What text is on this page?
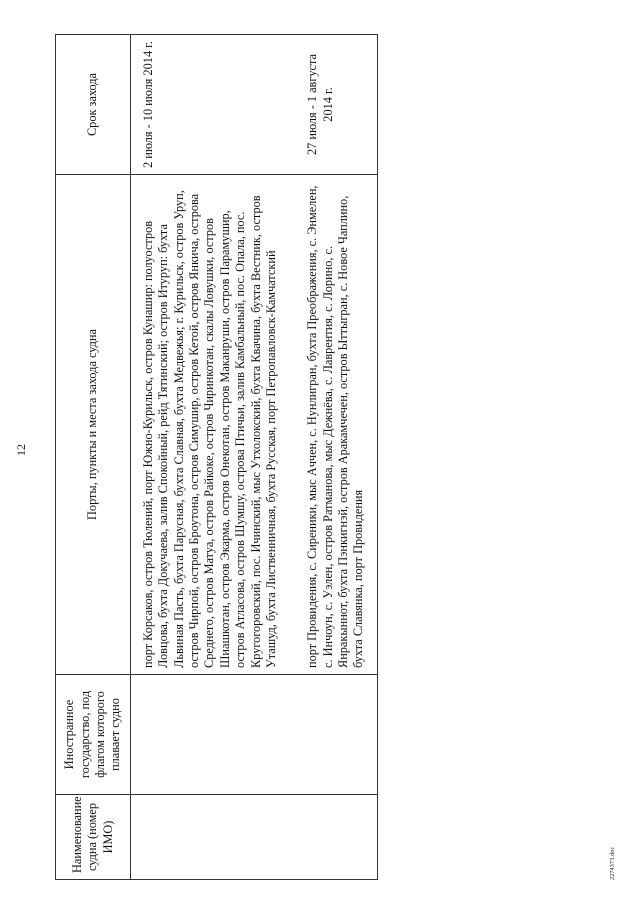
12
Наименование судна (номер ИМО)	Иностранное государство, под флагом которого плавает судно	Порты, пункты и места захода судна	Срок захода
		порт Корсаков, остров Тюлений, порт Южно-Курильск, остров Кунашир: полуостров Ловцова, бухта Докучаева, залив Спокойный, рейд Тятинский; остров Итуруп: бухта Львиная Пасть, бухта Парусная, бухта Славная, бухта Медвежья; г. Курильск, остров Уруп, остров Чирпой, остров Броутона, остров Симушир, остров Кетой, остров Янкича, острова Среднего, остров Матуа, остров Райкоке, остров Чиринкотан, скалы Ловушки, остров Шиашкотан, остров Экарма, остров Онекотан, остров Маканруши, остров Парамушир, остров Атласова, остров Шумшу, острова Птичьи, залив Камбальный, пос. Опала, пос. Кругогоровский, пос. Ичинский, мыс Утхолокский, бухта Квачина, бухта Вестник, остров Уташуд, бухта Лиственничная, бухта Русская, порт Петропавловск-Камчатский	2 июля - 10 июля 2014 г.
		порт Провидения, с. Сиреники, мыс Аччен, с. Нунлигран, бухта Преображения, с. Энмелен, с. Инчоун, с. Уэлен, остров Ратманова, мыс Дежнёва, с. Лаврентия, с. Лорино, с. Янракыннот, бухта Пэнкигнэй, остров Аракамчечен, остров Ыттыгран, с. Новое Чаплино, бухта Славянка, порт Провидения	27 июля - 1 августа 2014 г.
2274373.doc
